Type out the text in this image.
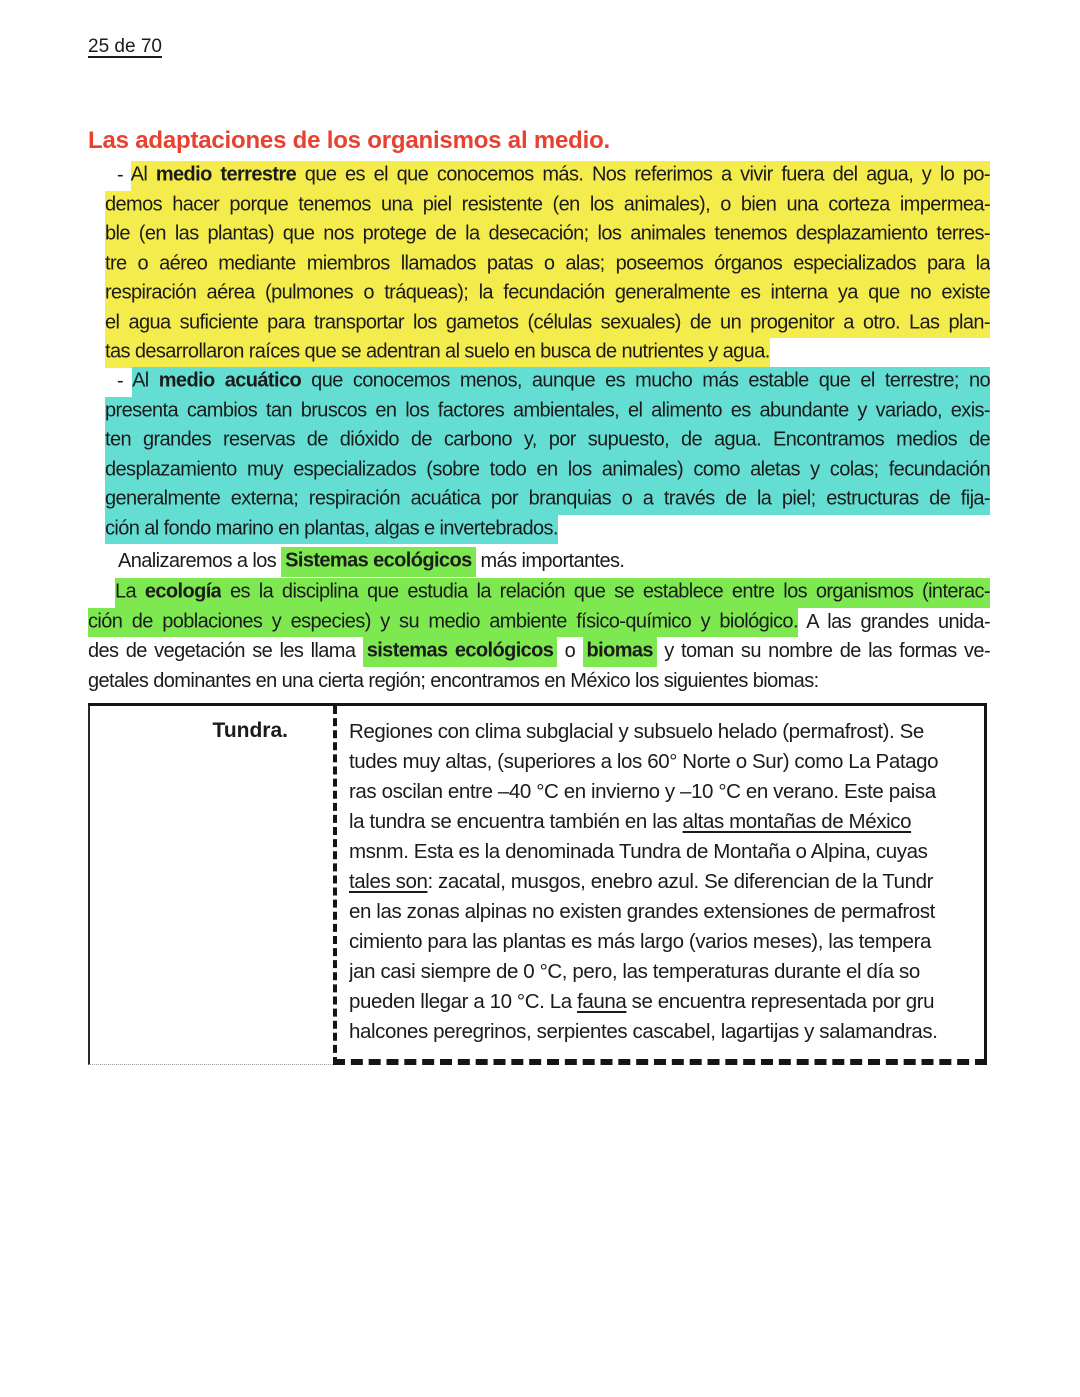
25 de 70
Las adaptaciones de los organismos al medio.
- Al medio terrestre que es el que conocemos más. Nos referimos a vivir fuera del agua, y lo po-
demos hacer porque tenemos una piel resistente (en los animales), o bien una corteza impermea-
ble (en las plantas) que nos protege de la desecación; los animales tenemos desplazamiento terres-
tre o aéreo mediante miembros llamados patas o alas; poseemos órganos especializados para la
respiración aérea (pulmones o tráqueas); la fecundación generalmente es interna ya que no existe
el agua suficiente para transportar los gametos (células sexuales) de un progenitor a otro. Las plan-
tas desarrollaron raíces que se adentran al suelo en busca de nutrientes y agua.
- Al medio acuático que conocemos menos, aunque es mucho más estable que el terrestre; no
presenta cambios tan bruscos en los factores ambientales, el alimento es abundante y variado, exis-
ten grandes reservas de dióxido de carbono y, por supuesto, de agua. Encontramos medios de
desplazamiento muy especializados (sobre todo en los animales) como aletas y colas; fecundación
generalmente externa; respiración acuática por branquias o a través de la piel; estructuras de fija-
ción al fondo marino en plantas, algas e invertebrados.
Analizaremos a los Sistemas ecológicos más importantes.
La ecología es la disciplina que estudia la relación que se establece entre los organismos (interac-
ción de poblaciones y especies) y su medio ambiente físico-químico y biológico. A las grandes unida-
des de vegetación se les llama sistemas ecológicos o biomas y toman su nombre de las formas ve-
getales dominantes en una cierta región; encontramos en México los siguientes biomas:
Tundra.	Regiones con clima subglacial y subsuelo helado (permafrost). Se
tudes muy altas, (superiores a los 60° Norte o Sur) como La Patago
ras oscilan entre –40 °C en invierno y –10 °C en verano. Este paisa
la tundra se encuentra también en las altas montañas de México
msnm. Esta es la denominada Tundra de Montaña o Alpina, cuyas
tales son: zacatal, musgos, enebro azul. Se diferencian de la Tundr
en las zonas alpinas no existen grandes extensiones de permafrost
cimiento para las plantas es más largo (varios meses), las tempera
jan casi siempre de 0 °C, pero, las temperaturas durante el día so
pueden llegar a 10 °C. La fauna se encuentra representada por gru
halcones peregrinos, serpientes cascabel, lagartijas y salamandras.
